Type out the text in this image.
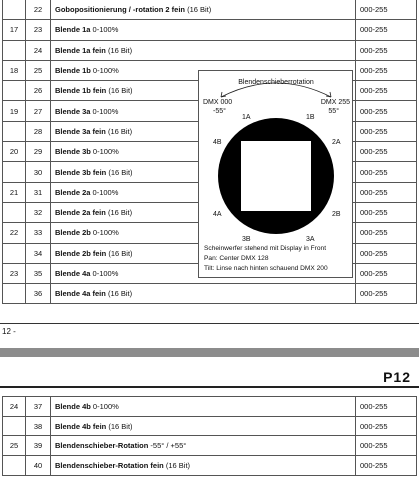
	22	Gobopositionierung / -rotation 2 fein (16 Bit)	000-255
17	23	Blende 1a 0-100%	000-255
	24	Blende 1a fein (16 Bit)	000-255
18	25	Blende 1b 0-100%	000-255
	26	Blende 1b fein (16 Bit)	000-255
19	27	Blende 3a 0-100%	000-255
	28	Blende 3a fein (16 Bit)	000-255
20	29	Blende 3b 0-100%	000-255
	30	Blende 3b fein (16 Bit)	000-255
21	31	Blende 2a 0-100%	000-255
	32	Blende 2a fein (16 Bit)	000-255
22	33	Blende 2b 0-100%	000-255
	34	Blende 2b fein (16 Bit)	000-255
23	35	Blende 4a 0-100%	000-255
	36	Blende 4a fein (16 Bit)	000-255
12 -
P12
24	37	Blende 4b 0-100%	000-255
	38	Blende 4b fein (16 Bit)	000-255
25	39	Blendenschieber-Rotation -55° / +55°	000-255
	40	Blendenschieber-Rotation fein (16 Bit)	000-255
Blendenschieberrotation
DMX 000
-55°
DMX 255
55°
1A	1B
4B	2A
4A	2B
3B	3A
Scheinwerfer stehend mit Display in Front
Pan: Center DMX 128
Tilt: Linse nach hinten schauend DMX 200
